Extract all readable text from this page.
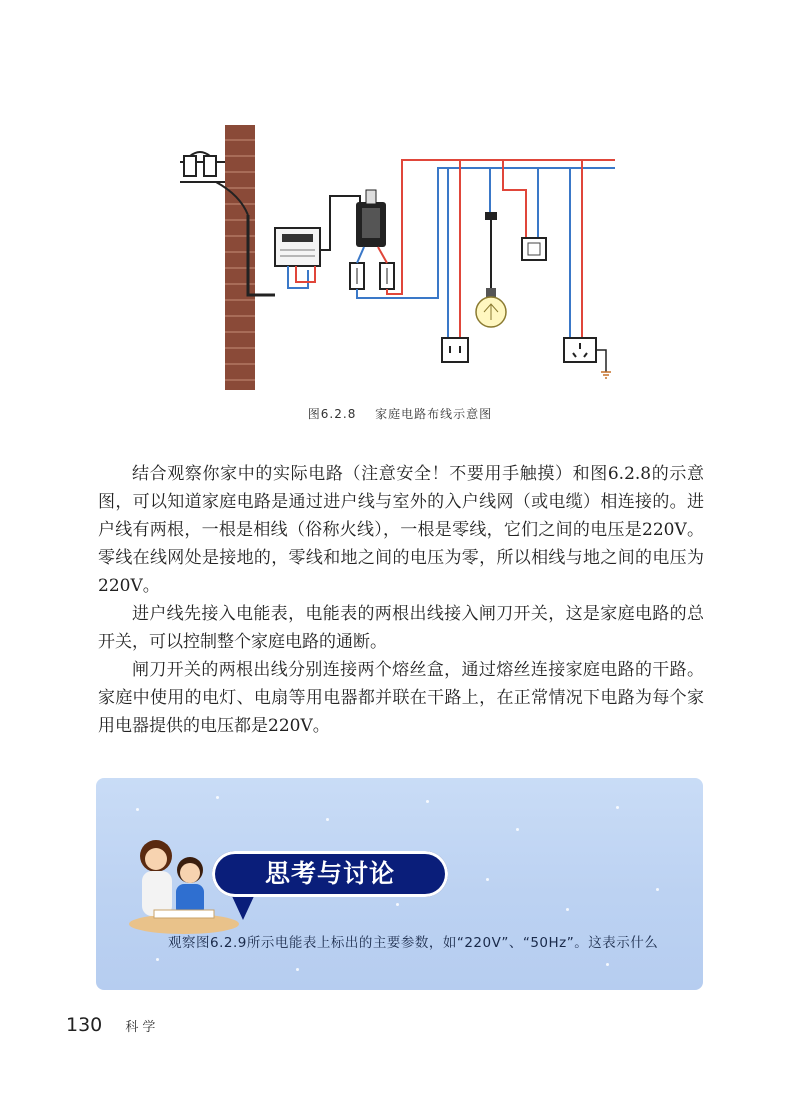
图6.2.8 家庭电路布线示意图

结合观察你家中的实际电路（注意安全！不要用手触摸）和图6.2.8的示意图，可以知道家庭电路是通过进户线与室外的入户线网（或电缆）相连接的。进户线有两根，一根是相线（俗称火线），一根是零线，它们之间的电压是220V。零线在线网处是接地的，零线和地之间的电压为零，所以相线与地之间的电压为220V。

进户线先接入电能表，电能表的两根出线接入闸刀开关，这是家庭电路的总开关，可以控制整个家庭电路的通断。

闸刀开关的两根出线分别连接两个熔丝盒，通过熔丝连接家庭电路的干路。家庭中使用的电灯、电扇等用电器都并联在干路上，在正常情况下电路为每个家用电器提供的电压都是220V。

思考与讨论
观察图6.2.9所示电能表上标出的主要参数，如“220V”、“50Hz”。这表示什么
130 科学
